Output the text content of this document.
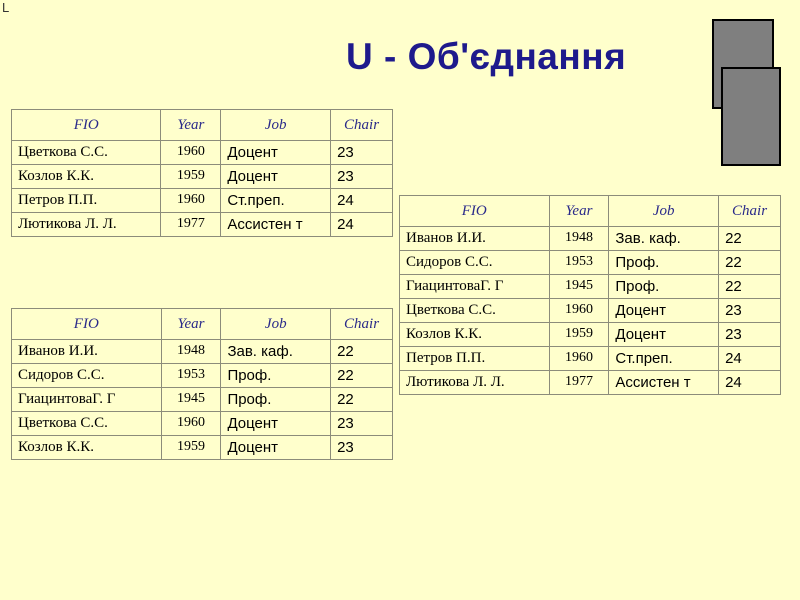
L
U - Об'єднання
FIO	Year	Job	Chair
Цветкова С.С.	1960	Доцент	23
Козлов К.К.	1959	Доцент	23
Петров П.П.	1960	Ст.преп.	24
Лютикова Л. Л.	1977	Ассистен т	24
FIO	Year	Job	Chair
Иванов И.И.	1948	Зав. каф.	22
Сидоров С.С.	1953	Проф.	22
ГиацинтоваГ. Г	1945	Проф.	22
Цветкова С.С.	1960	Доцент	23
Козлов К.К.	1959	Доцент	23
FIO	Year	Job	Chair
Иванов И.И.	1948	Зав. каф.	22
Сидоров С.С.	1953	Проф.	22
ГиацинтоваГ. Г	1945	Проф.	22
Цветкова С.С.	1960	Доцент	23
Козлов К.К.	1959	Доцент	23
Петров П.П.	1960	Ст.преп.	24
Лютикова Л. Л.	1977	Ассистен т	24
